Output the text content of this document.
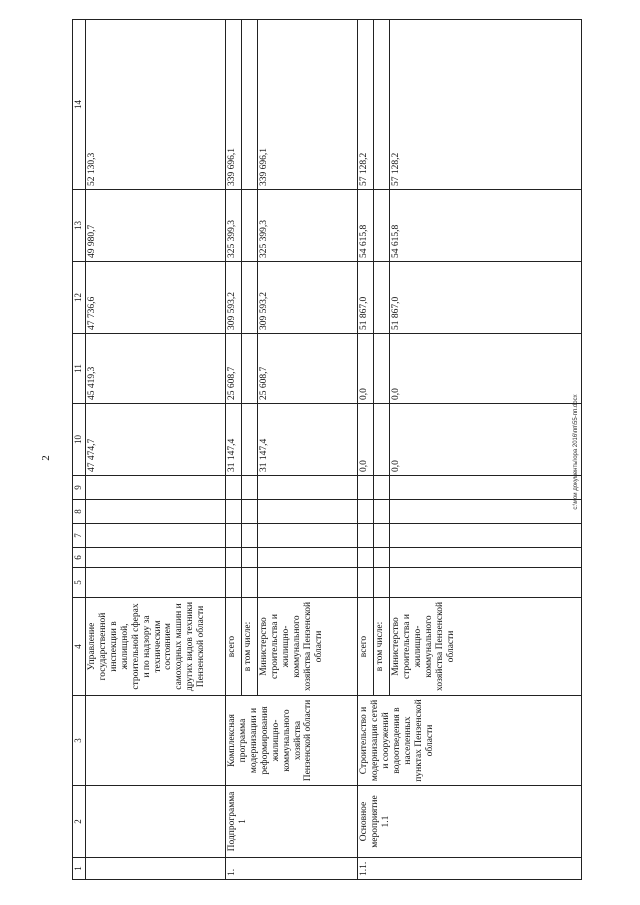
2
1	2	3	4	5	6	7	8	9	10	11	12	13	14
			Управление государственной инспекции в жилищной, строительной сферах и по надзору за техническим состоянием самоходных машин и других видов техники Пензенской области						47 474,7	45 419,3	47 736,6	49 980,7	52 130,3
1.	Подпрограмма 1	Комплексная программа модернизации и реформирования жилищно-коммунального хозяйства Пензенской области	всего						31 147,4	25 608,7	309 593,2	325 399,3	339 696,1
			в том числе:										
			Министерство строительства и жилищно-коммунального хозяйства Пензенской области						31 147,4	25 608,7	309 593,2	325 399,3	339 696,1
1.1.	Основное мероприятие 1.1	Строительство и модернизация сетей и сооружений водоотведения в населенных пунктах Пензенской области	всего						0,0	0,0	51 867,0	54 615,8	57 128,2
			в том числе:										
			Министерство строительства и жилищно-коммунального хозяйства Пензенской области						0,0	0,0	51 867,0	54 615,8	57 128,2
c:\мои документы\ора 2016\пп\55-пп.docx
